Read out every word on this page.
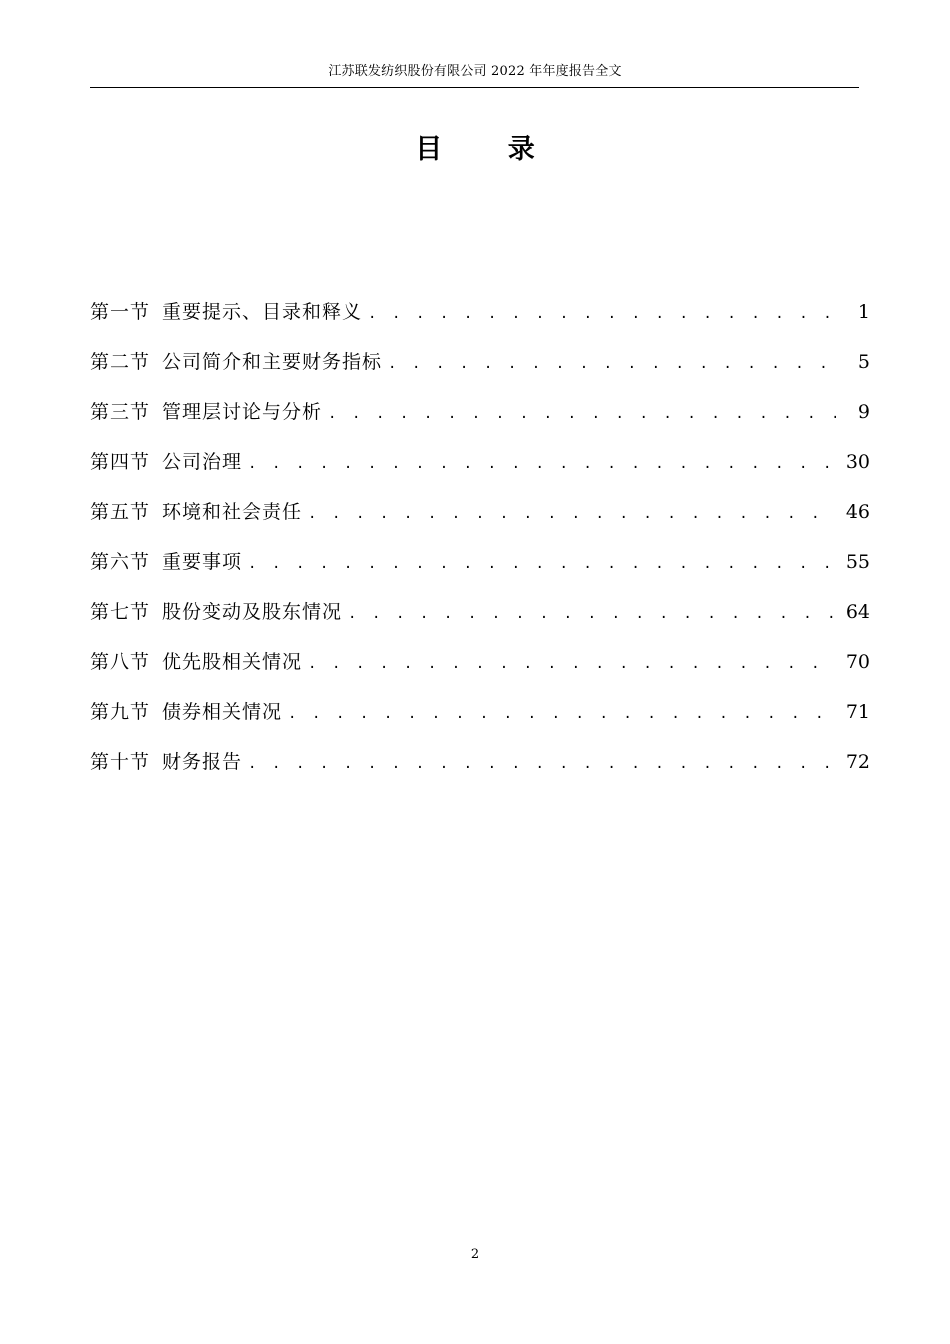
江苏联发纺织股份有限公司 2022 年年度报告全文
目 录
第一节 重要提示、目录和释义 . . .	1
第二节 公司简介和主要财务指标 . . .	5
第三节 管理层讨论与分析 . . .	9
第四节 公司治理 . . .	30
第五节 环境和社会责任 . . .	46
第六节 重要事项 . . .	55
第七节 股份变动及股东情况 . . .	64
第八节 优先股相关情况 . . .	70
第九节 债券相关情况 . . .	71
第十节 财务报告 . . .	72
2
